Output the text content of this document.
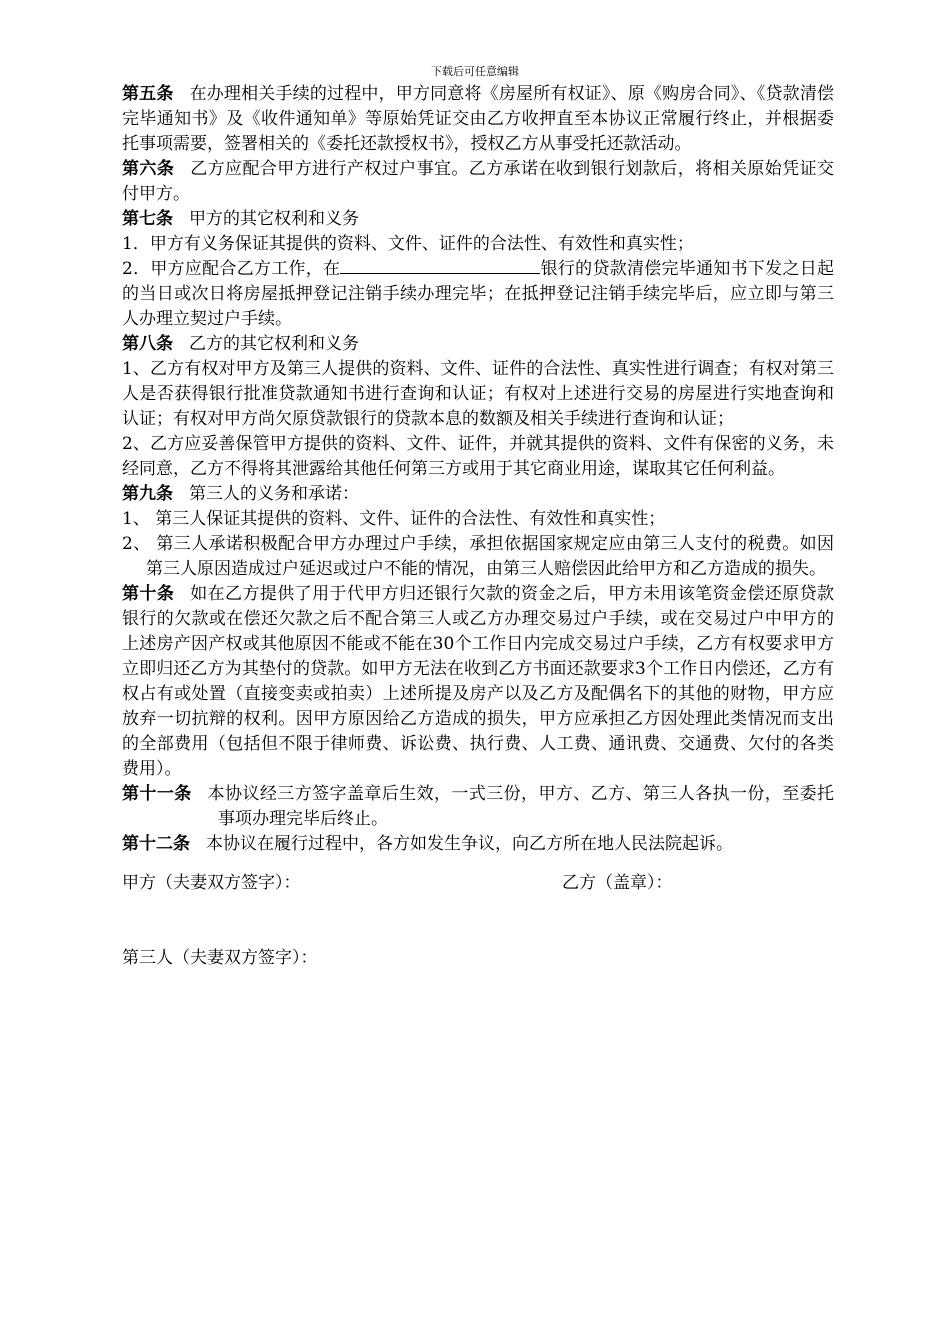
下载后可任意编辑

第五条 在办理相关手续的过程中，甲方同意将《房屋所有权证》、原《购房合同》、《贷款清偿完毕通知书》及《收件通知单》等原始凭证交由乙方收押直至本协议正常履行终止，并根据委托事项需要，签署相关的《委托还款授权书》，授权乙方从事受托还款活动。

第六条 乙方应配合甲方进行产权过户事宜。乙方承诺在收到银行划款后，将相关原始凭证交付甲方。

第七条 甲方的其它权利和义务

1．甲方有义务保证其提供的资料、文件、证件的合法性、有效性和真实性；

2．甲方应配合乙方工作，在	银行的贷款清偿完毕通知书下发之日起的当日或次日将房屋抵押登记注销手续办理完毕；在抵押登记注销手续完毕后，应立即与第三人办理立契过户手续。

第八条 乙方的其它权利和义务

1、乙方有权对甲方及第三人提供的资料、文件、证件的合法性、真实性进行调查；有权对第三人是否获得银行批准贷款通知书进行查询和认证；有权对上述进行交易的房屋进行实地查询和认证；有权对甲方尚欠原贷款银行的贷款本息的数额及相关手续进行查询和认证；

2、乙方应妥善保管甲方提供的资料、文件、证件，并就其提供的资料、文件有保密的义务，未经同意，乙方不得将其泄露给其他任何第三方或用于其它商业用途，谋取其它任何利益。

第九条 第三人的义务和承诺：

1、 第三人保证其提供的资料、文件、证件的合法性、有效性和真实性；

2、 第三人承诺积极配合甲方办理过户手续，承担依据国家规定应由第三人支付的税费。如因第三人原因造成过户延迟或过户不能的情况，由第三人赔偿因此给甲方和乙方造成的损失。

第十条 如在乙方提供了用于代甲方归还银行欠款的资金之后，甲方未用该笔资金偿还原贷款银行的欠款或在偿还欠款之后不配合第三人或乙方办理交易过户手续，或在交易过户中甲方的上述房产因产权或其他原因不能或不能在30个工作日内完成交易过户手续，乙方有权要求甲方立即归还乙方为其垫付的贷款。如甲方无法在收到乙方书面还款要求3个工作日内偿还，乙方有权占有或处置（直接变卖或拍卖）上述所提及房产以及乙方及配偶名下的其他的财物，甲方应放弃一切抗辩的权利。因甲方原因给乙方造成的损失，甲方应承担乙方因处理此类情况而支出的全部费用（包括但不限于律师费、诉讼费、执行费、人工费、通讯费、交通费、欠付的各类费用）。

第十一条 本协议经三方签字盖章后生效，一式三份，甲方、乙方、第三人各执一份，至委托事项办理完毕后终止。

第十二条 本协议在履行过程中，各方如发生争议，向乙方所在地人民法院起诉。

甲方（夫妻双方签字）：	乙方（盖章）：
第三人（夫妻双方签字）：
